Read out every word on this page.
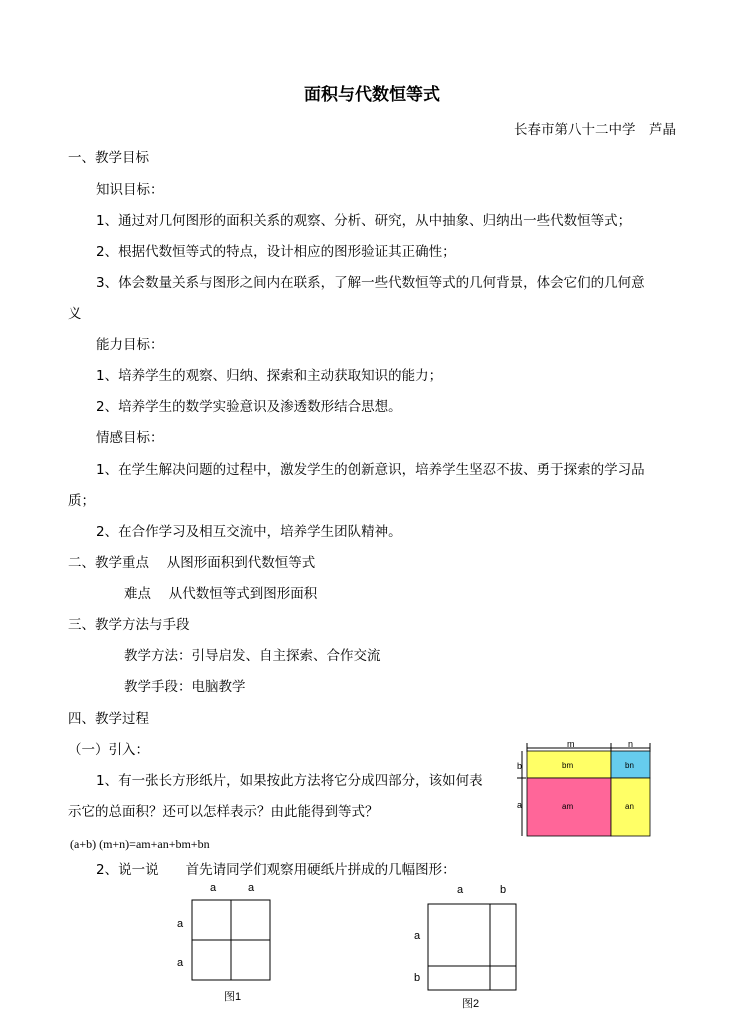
面积与代数恒等式
长春市第八十二中学　芦晶
一、教学目标
知识目标：
1、通过对几何图形的面积关系的观察、分析、研究，从中抽象、归纳出一些代数恒等式；
2、根据代数恒等式的特点，设计相应的图形验证其正确性；
3、体会数量关系与图形之间内在联系，了解一些代数恒等式的几何背景，体会它们的几何意
义
能力目标：
1、培养学生的观察、归纳、探索和主动获取知识的能力；
2、培养学生的数学实验意识及渗透数形结合思想。
情感目标：
1、在学生解决问题的过程中，激发学生的创新意识，培养学生坚忍不拔、勇于探索的学习品
质；
2、在合作学习及相互交流中，培养学生团队精神。
二、教学重点　 从图形面积到代数恒等式
难点　 从代数恒等式到图形面积
三、教学方法与手段
教学方法：引导启发、自主探索、合作交流
教学手段：电脑教学
四、教学过程
（一）引入：
1、有一张长方形纸片，如果按此方法将它分成四部分，该如何表
示它的总面积？还可以怎样表示？由此能得到等式？
(a+b) (m+n)=am+an+bm+bn
2、说一说　　首先请同学们观察用硬纸片拼成的几幅图形：
m	n
b
a
bm	bn
am	an
a	a
a
a
图1
a	b
a
b
图2
